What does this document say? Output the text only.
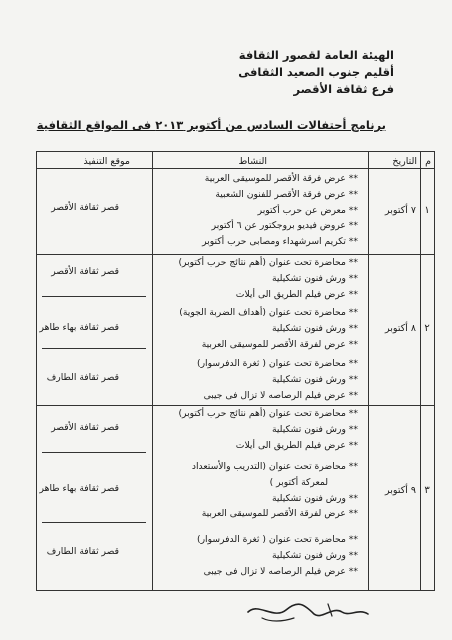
الهيئة العامة لقصور الثقافة
أقليم جنوب الصعيد الثقافى
فرع ثقافة الأقصر
برنامج أحتفالات السادس من أكتوبر ٢٠١٣ فى المواقع الثقافية
م
التاريخ
النشاط
موقع التنفيذ
١
٧ أكتوبر
** عرض فرقة الأقصر للموسيقى العربية
** عرض فرقة الأقصر للفنون الشعبية
** معرض عن حرب أكتوبر
** عروض فيديو بروجكتور عن ٦ أكتوبر
** تكريم اسرشهداء ومصابى حرب أكتوبر
قصر ثقافة الأقصر
٢
٨ أكتوبر
** محاضرة تحت عنوان (أهم نتائج حرب أكتوبر)
** ورش فنون تشكيلية
** عرض فيلم الطريق الى أيلات
** محاضرة تحت عنوان (أهداف الضربة الجوية)
** ورش فنون تشكيلية
** عرض لفرقة الأقصر للموسيقى العربية
** محاضرة تحت عنوان ( ثغرة الدفرسوار)
** ورش فنون تشكيلية
** عرض فيلم الرصاصه لا تزال فى جيبى
قصر ثقافة الأقصر
قصر ثقافة بهاء طاهر
قصر ثقافة الطارف
٣
٩ أكتوبر
** محاضرة تحت عنوان (أهم نتائج حرب أكتوبر)
** ورش فنون تشكيلية
** عرض فيلم الطريق الى أيلات
** محاضرة تحت عنوان (التدريب والأستعداد
لمعركة أكتوبر )
** ورش فنون تشكيلية
** عرض لفرقة الأقصر للموسيقى العربية
** محاضرة تحت عنوان ( ثغرة الدفرسوار)
** ورش فنون تشكيلية
** عرض فيلم الرصاصه لا تزال فى جيبى
قصر ثقافة الأقصر
قصر ثقافة بهاء طاهر
قصر ثقافة الطارف
